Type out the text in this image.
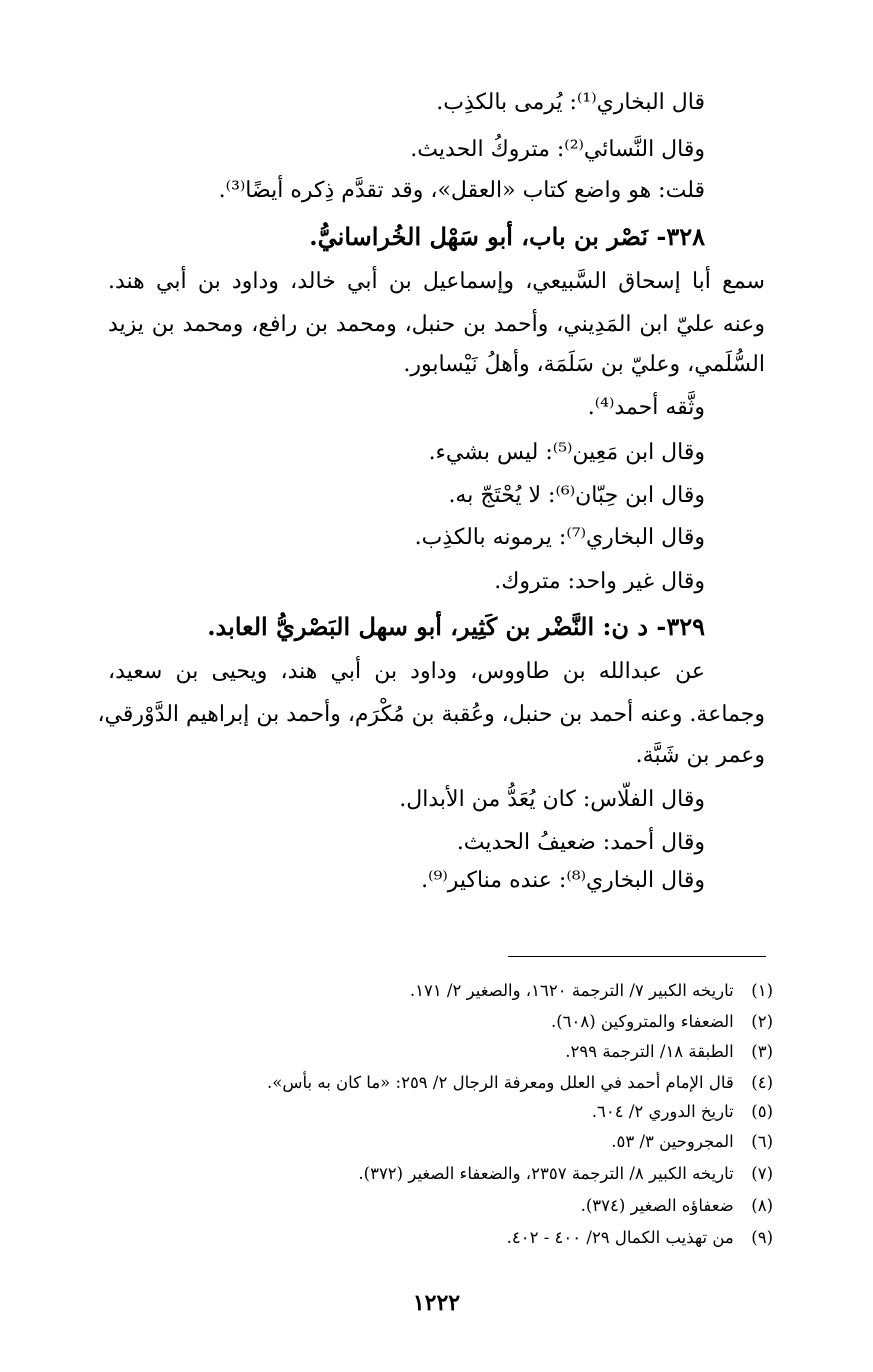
قال البخاري⁽¹⁾: يُرمى بالكذِب.
وقال النَّسائي⁽²⁾: متروكُ الحديث.
قلت: هو واضع كتاب «العقل»، وقد تقدَّم ذِكره أيضًا⁽³⁾.
٣٢٨- نَصْر بن باب، أبو سَهْل الخُراسانيُّ.
سمع أبا إسحاق السَّبيعي، وإسماعيل بن أبي خالد، وداود بن أبي هند.
وعنه عليّ ابن المَدِيني، وأحمد بن حنبل، ومحمد بن رافع، ومحمد بن يزيد
السُّلَمي، وعليّ بن سَلَمَة، وأهلُ نَيْسابور.
وثَّقه أحمد⁽⁴⁾.
وقال ابن مَعِين⁽⁵⁾: ليس بشيء.
وقال ابن حِبّان⁽⁶⁾: لا يُحْتَجّ به.
وقال البخاري⁽⁷⁾: يرمونه بالكذِب.
وقال غير واحد: متروك.
٣٢٩- د ن: النَّضْر بن كَثِير، أبو سهل البَصْريُّ العابد.
عن عبدالله بن طاووس، وداود بن أبي هند، ويحيى بن سعيد،
وجماعة. وعنه أحمد بن حنبل، وعُقبة بن مُكْرَم، وأحمد بن إبراهيم الدَّوْرقي،
وعمر بن شَبَّة.
وقال الفلّاس: كان يُعَدُّ من الأبدال.
وقال أحمد: ضعيفُ الحديث.
وقال البخاري⁽⁸⁾: عنده مناكير⁽⁹⁾.
(١) تاريخه الكبير ٧/ الترجمة ١٦٢٠، والصغير ٢/ ١٧١.
(٢) الضعفاء والمتروكين (٦٠٨).
(٣) الطبقة ١٨/ الترجمة ٢٩٩.
(٤) قال الإمام أحمد في العلل ومعرفة الرجال ٢/ ٢٥٩: «ما كان به بأس».
(٥) تاريخ الدوري ٢/ ٦٠٤.
(٦) المجروحين ٣/ ٥٣.
(٧) تاريخه الكبير ٨/ الترجمة ٢٣٥٧، والضعفاء الصغير (٣٧٢).
(٨) ضعفاؤه الصغير (٣٧٤).
(٩) من تهذيب الكمال ٢٩/ ٤٠٠ - ٤٠٢.
١٢٢٢
